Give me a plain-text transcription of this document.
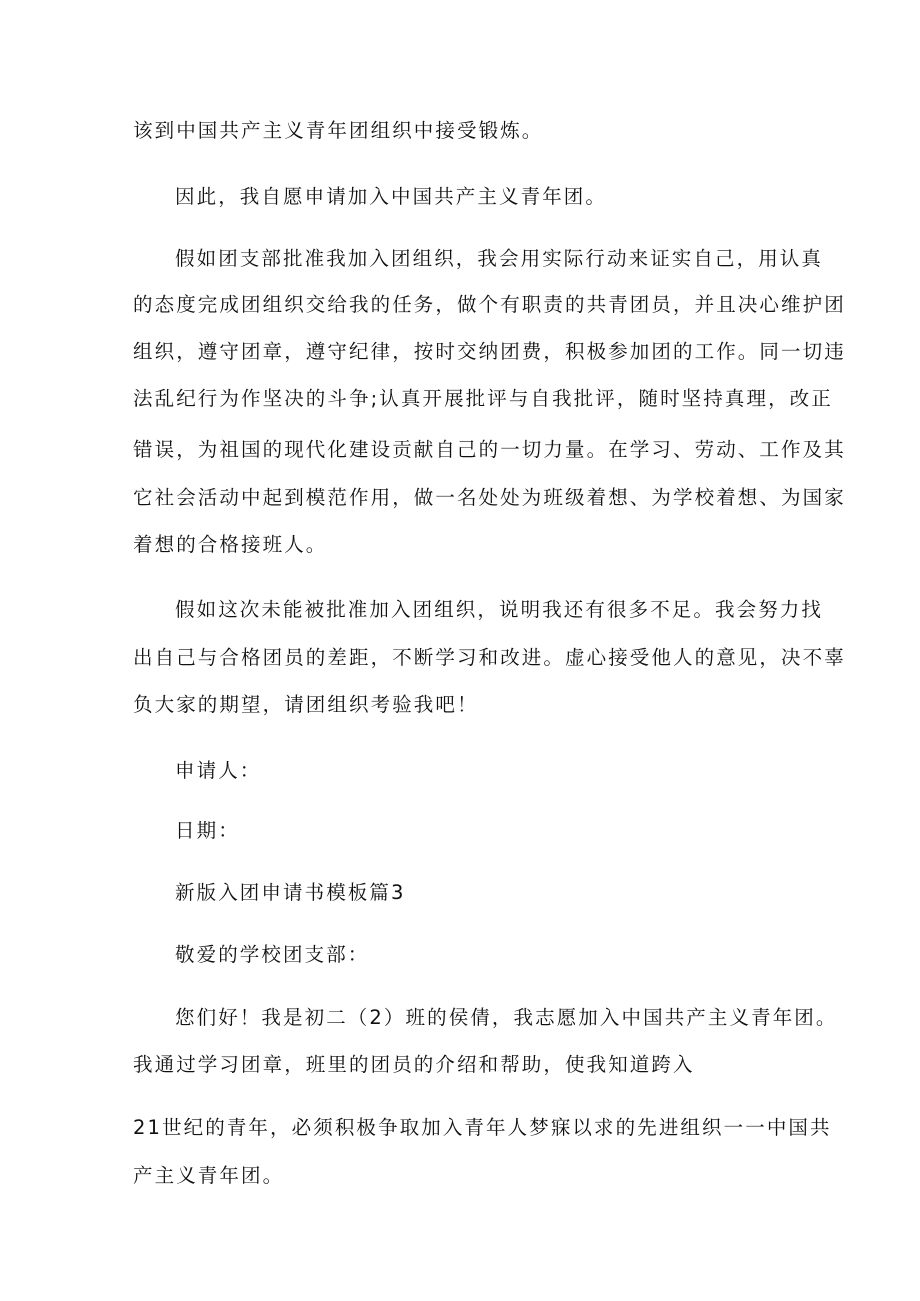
该到中国共产主义青年团组织中接受锻炼。
因此，我自愿申请加入中国共产主义青年团。
假如团支部批准我加入团组织，我会用实际行动来证实自己，用认真
的态度完成团组织交给我的任务，做个有职责的共青团员，并且决心维护团
组织，遵守团章，遵守纪律，按时交纳团费，积极参加团的工作。同一切违
法乱纪行为作坚决的斗争;认真开展批评与自我批评，随时坚持真理，改正
错误，为祖国的现代化建设贡献自己的一切力量。在学习、劳动、工作及其
它社会活动中起到模范作用，做一名处处为班级着想、为学校着想、为国家
着想的合格接班人。
假如这次未能被批准加入团组织，说明我还有很多不足。我会努力找
出自己与合格团员的差距，不断学习和改进。虚心接受他人的意见，决不辜
负大家的期望，请团组织考验我吧！
申请人：
日期：
新版入团申请书模板篇3
敬爱的学校团支部：
您们好！我是初二（2）班的侯倩，我志愿加入中国共产主义青年团。
我通过学习团章，班里的团员的介绍和帮助，使我知道跨入
21世纪的青年，必须积极争取加入青年人梦寐以求的先进组织一一中国共
产主义青年团。
